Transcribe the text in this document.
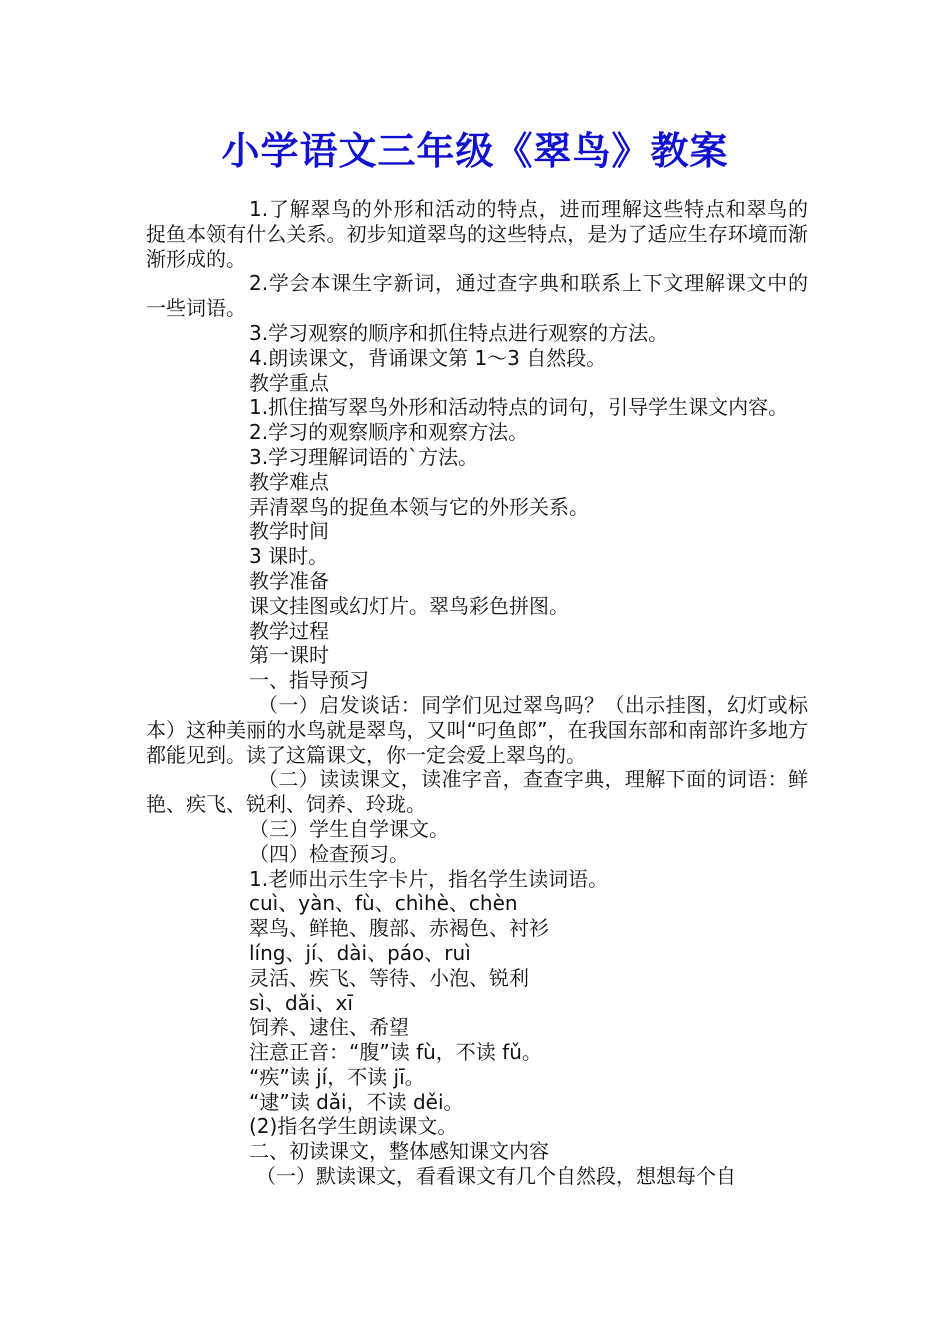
小学语文三年级《翠鸟》教案

1.了解翠鸟的外形和活动的特点，进而理解这些特点和翠鸟的捉鱼本领有什么关系。初步知道翠鸟的这些特点，是为了适应生存环境而渐渐形成的。

2.学会本课生字新词，通过查字典和联系上下文理解课文中的一些词语。

3.学习观察的顺序和抓住特点进行观察的方法。

4.朗读课文，背诵课文第 1～3 自然段。

教学重点

1.抓住描写翠鸟外形和活动特点的词句，引导学生课文内容。

2.学习的观察顺序和观察方法。

3.学习理解词语的`方法。

教学难点

弄清翠鸟的捉鱼本领与它的外形关系。

教学时间

3 课时。

教学准备

课文挂图或幻灯片。翠鸟彩色拼图。

教学过程

第一课时

一、指导预习

（一）启发谈话：同学们见过翠鸟吗？（出示挂图，幻灯或标本）这种美丽的水鸟就是翠鸟，又叫“叼鱼郎”，在我国东部和南部许多地方都能见到。读了这篇课文，你一定会爱上翠鸟的。

（二）读读课文，读准字音，查查字典，理解下面的词语：鲜艳、疾飞、锐利、饲养、玲珑。

（三）学生自学课文。

（四）检查预习。

1.老师出示生字卡片，指名学生读词语。

cuì、yàn、fù、chìhè、chèn

翠鸟、鲜艳、腹部、赤褐色、衬衫

líng、jí、dài、páo、ruì

灵活、疾飞、等待、小泡、锐利

sì、dǎi、xī

饲养、逮住、希望

注意正音：“腹”读 fù，不读 fǔ。

“疾”读 jí，不读 jī。

“逮”读 dǎi，不读 děi。

(2)指名学生朗读课文。

二、初读课文，整体感知课文内容

（一）默读课文，看看课文有几个自然段，想想每个自
